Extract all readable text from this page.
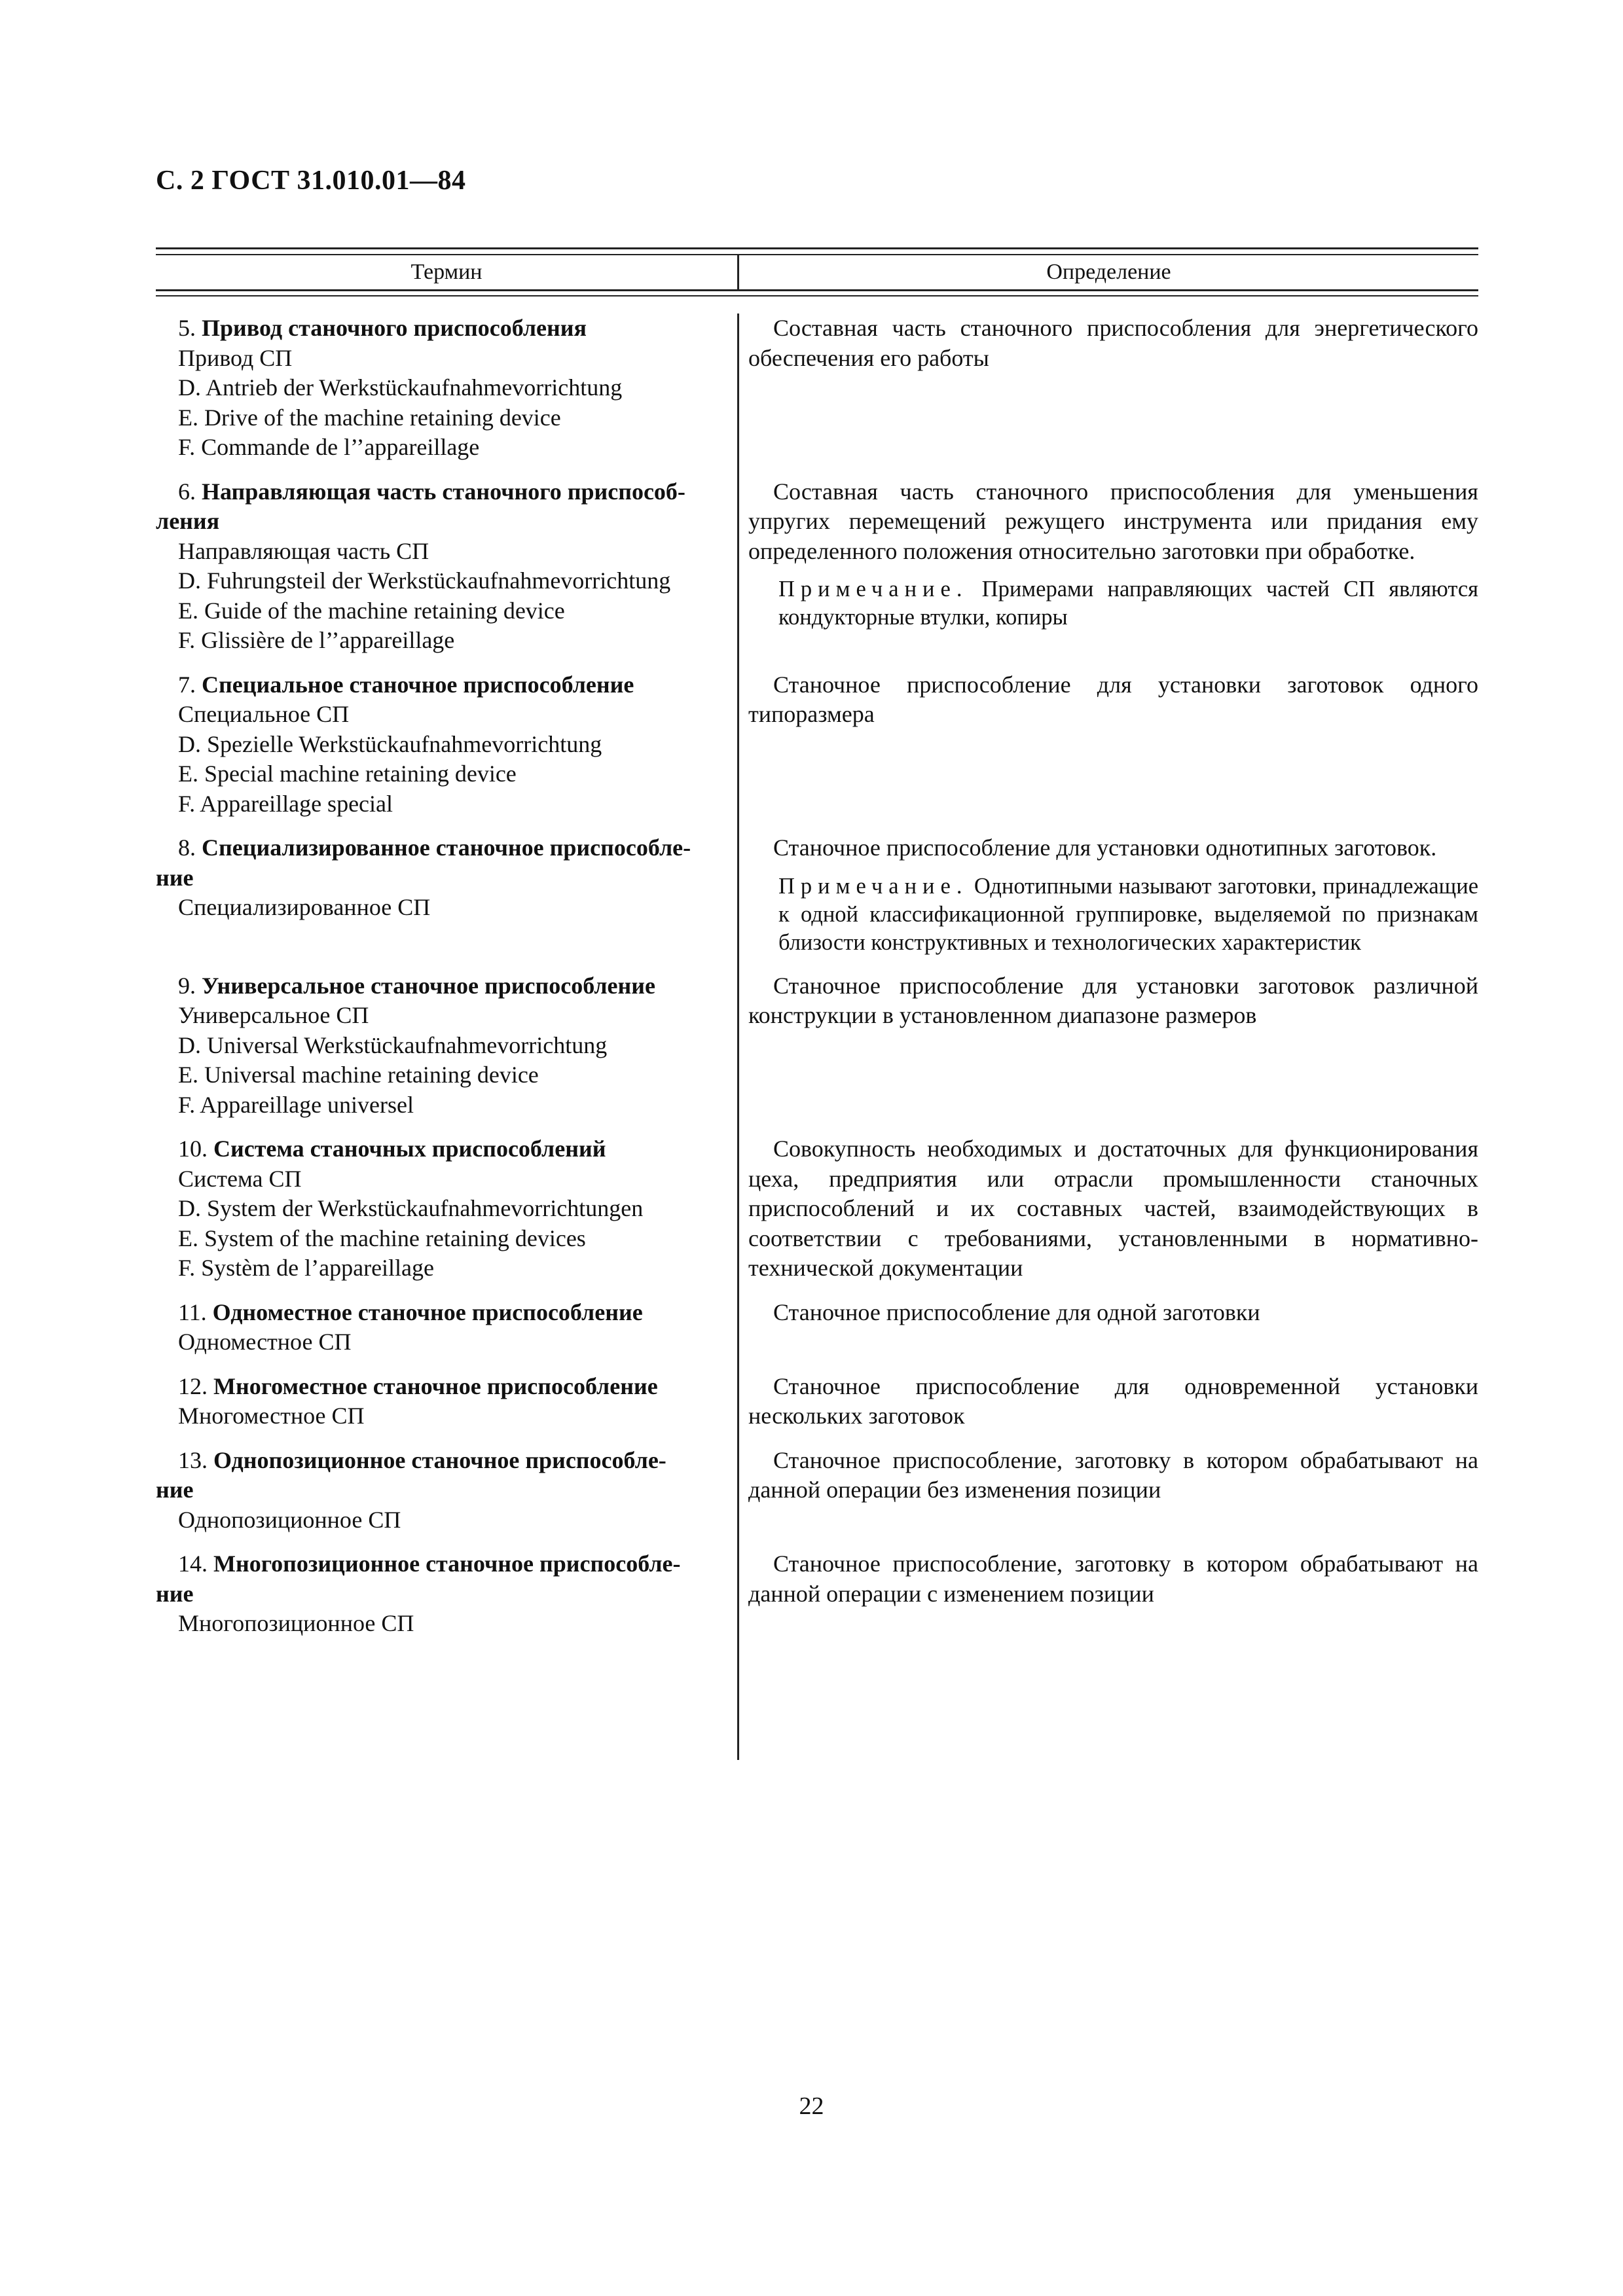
С. 2 ГОСТ 31.010.01—84
Термин	Определение
5. Привод станочного приспособления
Привод СП
D. Antrieb der Werkstückaufnahmevorrichtung
E. Drive of the machine retaining device
F. Commande de l’’appareillage
Составная часть станочного приспособления для энергетического обеспечения его работы
6. Направляющая часть станочного приспособ-
ления
Направляющая часть СП
D. Fuhrungsteil der Werkstückaufnahmevorrichtung
E. Guide of the machine retaining device
F. Glissière de l’’appareillage
Составная часть станочного приспособления для уменьшения упругих перемещений режущего инструмента или придания ему определенного положения относительно заготовки при обработке.
Примечание. Примерами направляющих частей СП являются кондукторные втулки, копиры
7. Специальное станочное приспособление
Специальное СП
D. Spezielle Werkstückaufnahmevorrichtung
E. Special machine retaining device
F. Appareillage special
Станочное приспособление для установки заготовок одного типоразмера
8. Специализированное станочное приспособле-
ние
Специализированное СП
Станочное приспособление для установки однотипных заготовок.
Примечание. Однотипными называют заготовки, принадлежащие к одной классификационной группировке, выделяемой по признакам близости конструктивных и технологических характеристик
9. Универсальное станочное приспособление
Универсальное СП
D. Universal Werkstückaufnahmevorrichtung
E. Universal machine retaining device
F. Appareillage universel
Станочное приспособление для установки заготовок различной конструкции в установленном диапазоне размеров
10. Система станочных приспособлений
Система СП
D. System der Werkstückaufnahmevorrichtungen
E. System of the machine retaining devices
F. Systèm de l’appareillage
Совокупность необходимых и достаточных для функционирования цеха, предприятия или отрасли промышленности станочных приспособлений и их составных частей, взаимодействующих в соответствии с требованиями, установленными в нормативно-технической документации
11. Одноместное станочное приспособление
Одноместное СП
Станочное приспособление для одной заготовки
12. Многоместное станочное приспособление
Многоместное СП
Станочное приспособление для одновременной установки нескольких заготовок
13. Однопозиционное станочное приспособле-
ние
Однопозиционное СП
Станочное приспособление, заготовку в котором обрабатывают на данной операции без изменения позиции
14. Многопозиционное станочное приспособле-
ние
Многопозиционное СП
Станочное приспособление, заготовку в котором обрабатывают на данной операции с изменением позиции
22
